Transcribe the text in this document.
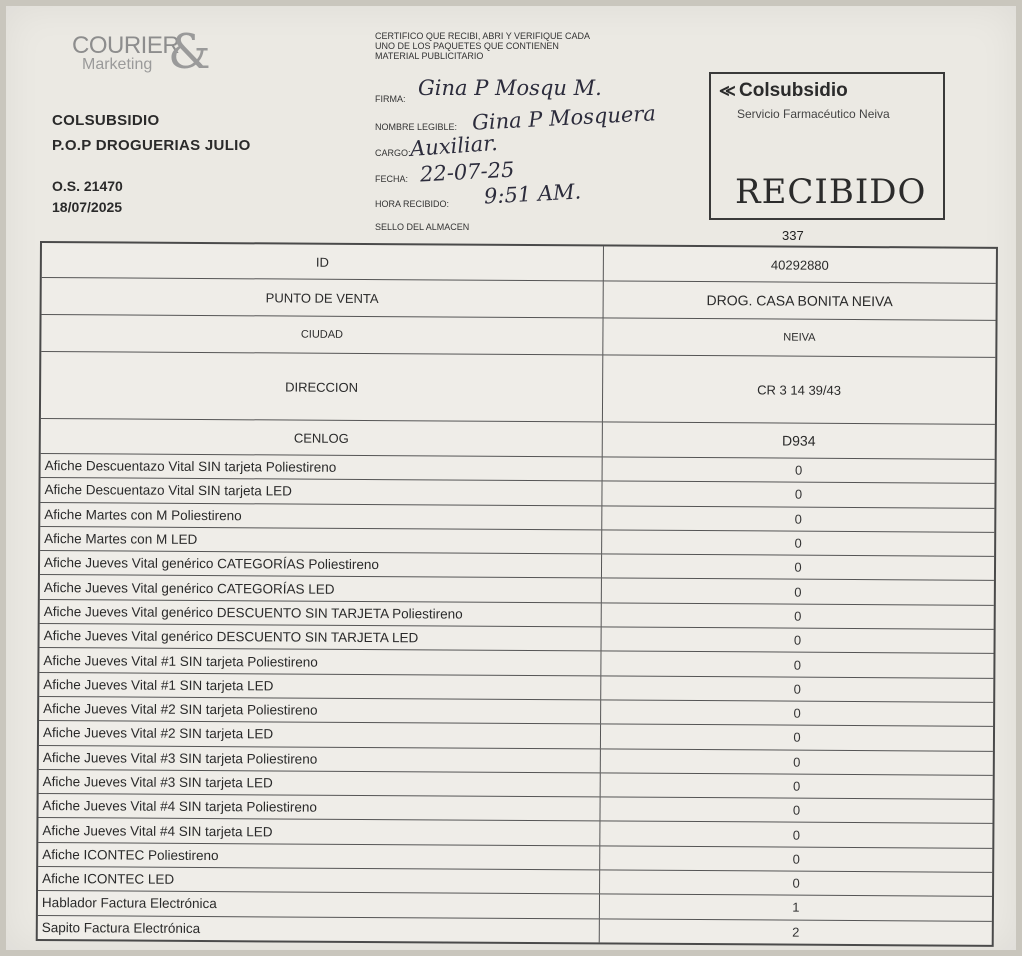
COURIER
Marketing &
COLSUBSIDIO
P.O.P DROGUERIAS JULIO
O.S. 21470
18/07/2025
CERTIFICO QUE RECIBI, ABRI Y VERIFIQUE CADA UNO DE LOS PAQUETES QUE CONTIENEN MATERIAL PUBLICITARIO
FIRMA: Gina P Mosqu M.
NOMBRE LEGIBLE: Gina P Mosquera
CARGO:
Auxiliar.
FECHA: 22-07-25
HORA RECIBIDO: 9:51 AM.
SELLO DEL ALMACEN
≪ Colsubsidio
Servicio Farmacéutico Neiva
RECIBIDO
337
ID	40292880
PUNTO DE VENTA	DROG. CASA BONITA NEIVA
CIUDAD	NEIVA
DIRECCION	CR 3 14 39/43
CENLOG	D934
Afiche Descuentazo Vital SIN tarjeta Poliestireno	0
Afiche Descuentazo Vital SIN tarjeta LED	0
Afiche Martes con M Poliestireno	0
Afiche Martes con M LED	0
Afiche Jueves Vital genérico CATEGORÍAS Poliestireno	0
Afiche Jueves Vital genérico CATEGORÍAS LED	0
Afiche Jueves Vital genérico DESCUENTO SIN TARJETA Poliestireno	0
Afiche Jueves Vital genérico DESCUENTO SIN TARJETA LED	0
Afiche Jueves Vital #1 SIN tarjeta Poliestireno	0
Afiche Jueves Vital #1 SIN tarjeta LED	0
Afiche Jueves Vital #2 SIN tarjeta Poliestireno	0
Afiche Jueves Vital #2 SIN tarjeta LED	0
Afiche Jueves Vital #3 SIN tarjeta Poliestireno	0
Afiche Jueves Vital #3 SIN tarjeta LED	0
Afiche Jueves Vital #4 SIN tarjeta Poliestireno	0
Afiche Jueves Vital #4 SIN tarjeta LED	0
Afiche ICONTEC Poliestireno	0
Afiche ICONTEC LED	0
Hablador Factura Electrónica	1
Sapito Factura Electrónica	2
